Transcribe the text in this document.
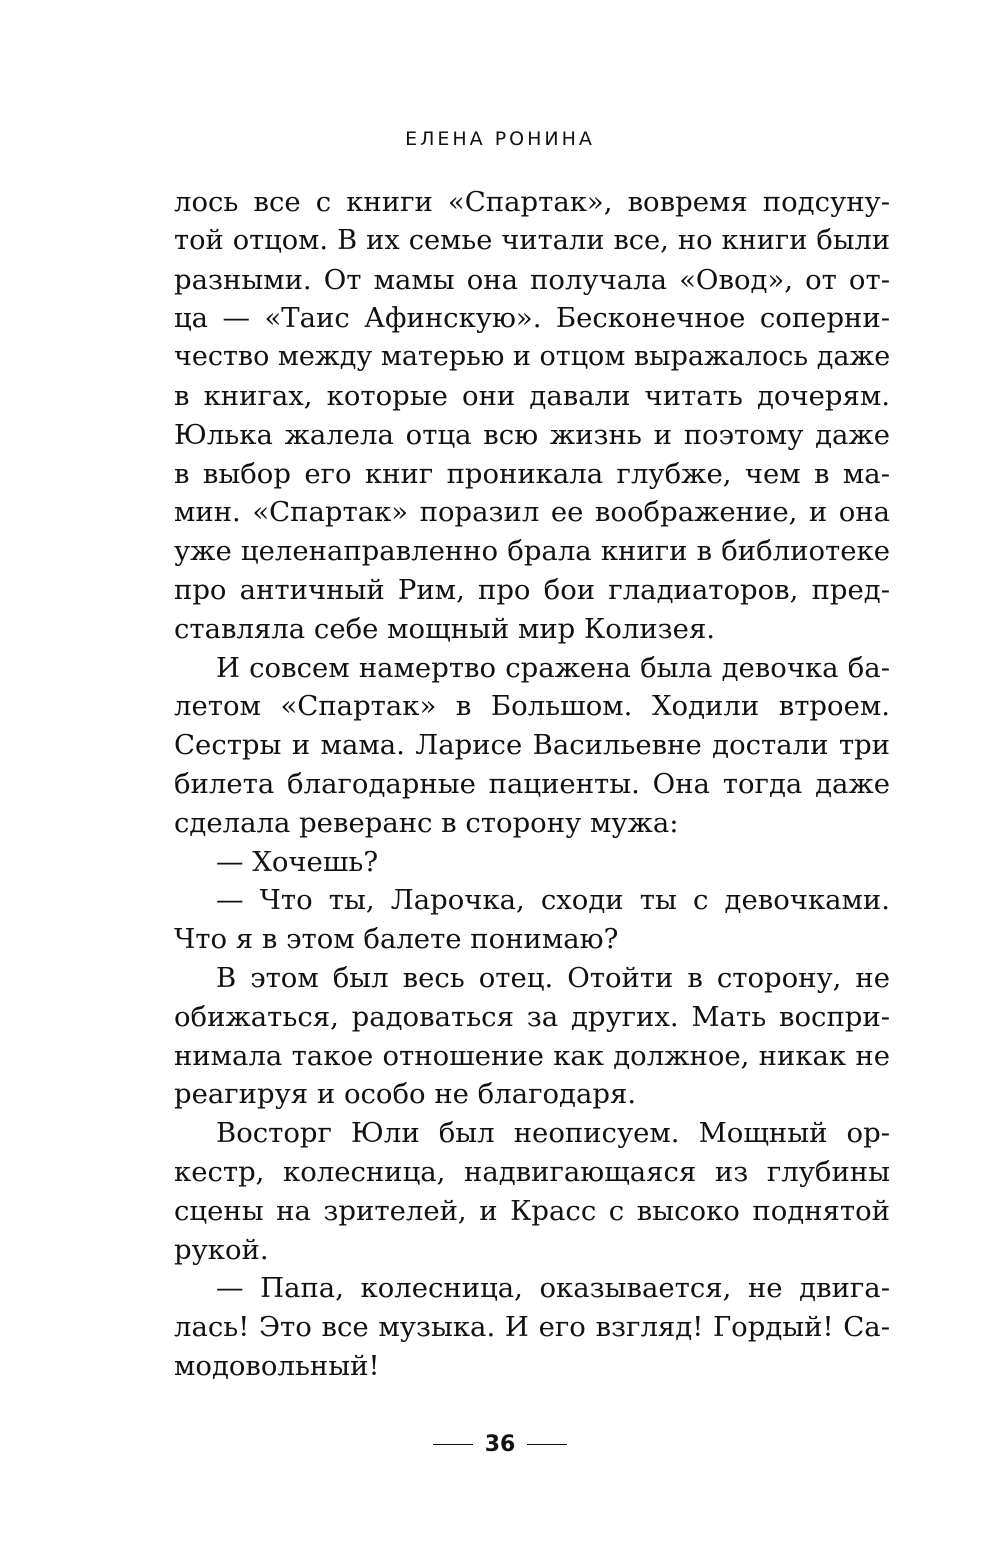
ЕЛЕНА РОНИНА
лось все с книги «Спартак», вовремя подсуну-
той отцом. В их семье читали все, но книги были
разными. От мамы она получала «Овод», от от-
ца — «Таис Афинскую». Бесконечное соперни-
чество между матерью и отцом выражалось даже
в книгах, которые они давали читать дочерям.
Юлька жалела отца всю жизнь и поэтому даже
в выбор его книг проникала глубже, чем в ма-
мин. «Спартак» поразил ее воображение, и она
уже целенаправленно брала книги в библиотеке
про античный Рим, про бои гладиаторов, пред-
ставляла себе мощный мир Колизея.
И совсем намертво сражена была девочка ба-
летом «Спартак» в Большом. Ходили втроем.
Сестры и мама. Ларисе Васильевне достали три
билета благодарные пациенты. Она тогда даже
сделала реверанс в сторону мужа:
— Хочешь?
— Что ты, Ларочка, сходи ты с девочками.
Что я в этом балете понимаю?
В этом был весь отец. Отойти в сторону, не
обижаться, радоваться за других. Мать воспри-
нимала такое отношение как должное, никак не
реагируя и особо не благодаря.
Восторг Юли был неописуем. Мощный ор-
кестр, колесница, надвигающаяся из глубины
сцены на зрителей, и Красс с высоко поднятой
рукой.
— Папа, колесница, оказывается, не двига-
лась! Это все музыка. И его взгляд! Гордый! Са-
модовольный!
36
